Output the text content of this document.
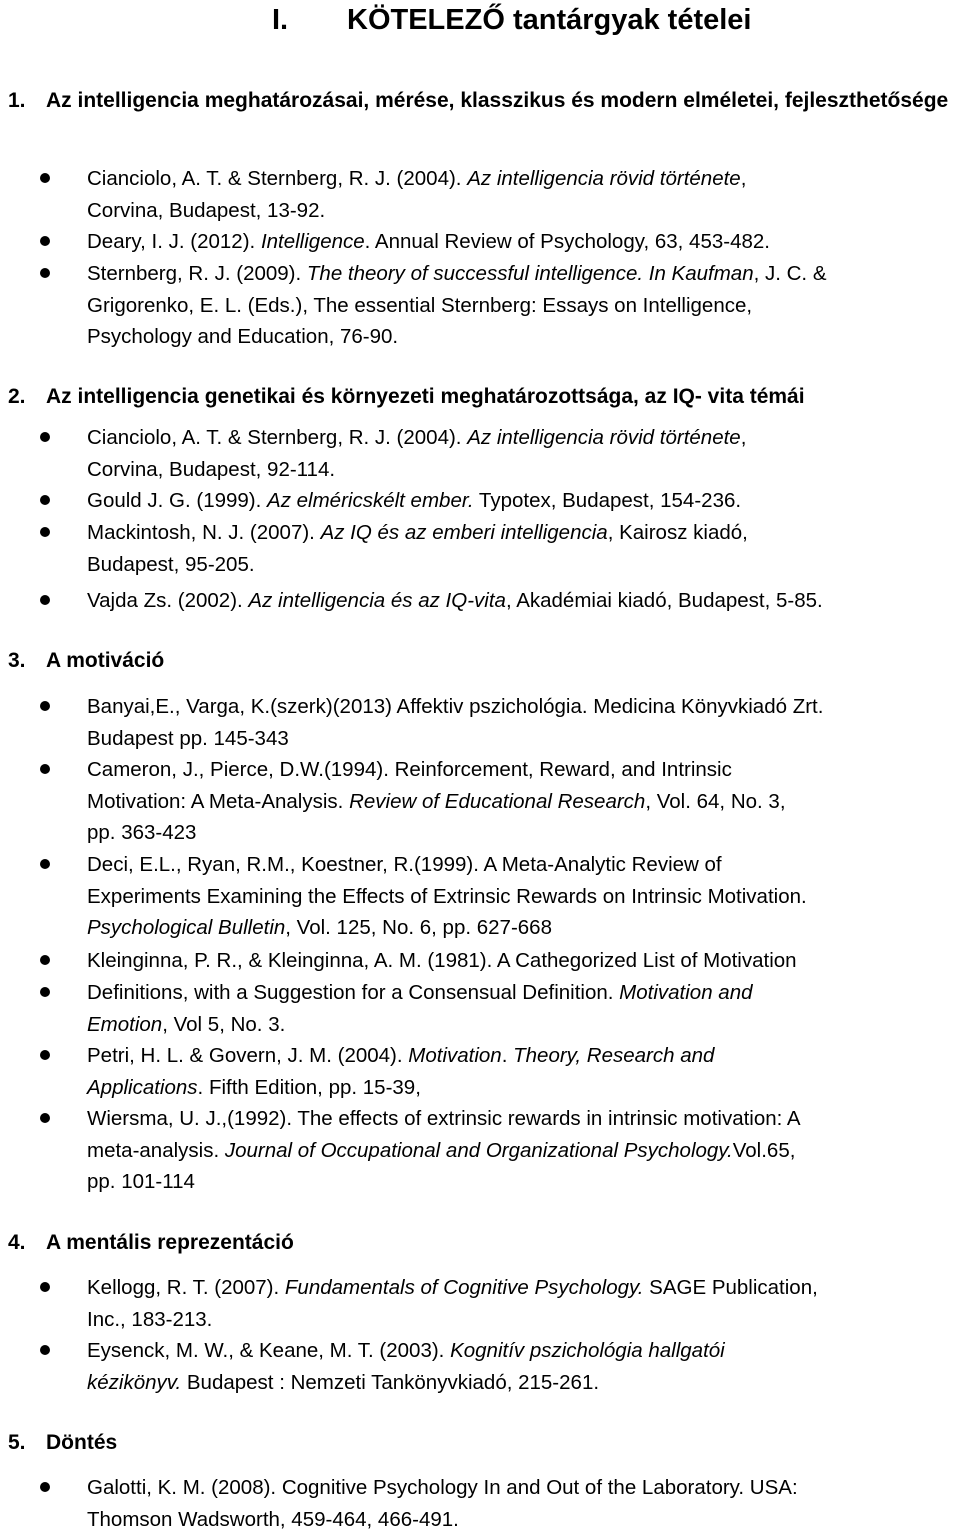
I. KÖTELEZŐ tantárgyak tételei
1. Az intelligencia meghatározásai, mérése, klasszikus és modern elméletei, fejleszthetősége
Cianciolo, A. T. & Sternberg, R. J. (2004). Az intelligencia rövid története,
Corvina, Budapest, 13-92.
Deary, I. J. (2012). Intelligence. Annual Review of Psychology, 63, 453-482.
Sternberg, R. J. (2009). The theory of successful intelligence. In Kaufman, J. C. &
Grigorenko, E. L. (Eds.), The essential Sternberg: Essays on Intelligence,
Psychology and Education, 76-90.
2. Az intelligencia genetikai és környezeti meghatározottsága, az IQ- vita témái
Cianciolo, A. T. & Sternberg, R. J. (2004). Az intelligencia rövid története,
Corvina, Budapest, 92-114.
Gould J. G. (1999). Az elméricskélt ember. Typotex, Budapest, 154-236.
Mackintosh, N. J. (2007). Az IQ és az emberi intelligencia, Kairosz kiadó,
Budapest, 95-205.
Vajda Zs. (2002). Az intelligencia és az IQ-vita, Akadémiai kiadó, Budapest, 5-85.
3. A motiváció
Banyai,E., Varga, K.(szerk)(2013) Affektiv pszichológia. Medicina Könyvkiadó Zrt.
Budapest pp. 145-343
Cameron, J., Pierce, D.W.(1994). Reinforcement, Reward, and Intrinsic
Motivation: A Meta-Analysis. Review of Educational Research, Vol. 64, No. 3,
pp. 363-423
Deci, E.L., Ryan, R.M., Koestner, R.(1999). A Meta-Analytic Review of
Experiments Examining the Effects of Extrinsic Rewards on Intrinsic Motivation.
Psychological Bulletin, Vol. 125, No. 6, pp. 627-668
Kleinginna, P. R., & Kleinginna, A. M. (1981). A Cathegorized List of Motivation
Definitions, with a Suggestion for a Consensual Definition. Motivation and
Emotion, Vol 5, No. 3.
Petri, H. L. & Govern, J. M. (2004). Motivation. Theory, Research and
Applications. Fifth Edition, pp. 15-39,
Wiersma, U. J.,(1992). The effects of extrinsic rewards in intrinsic motivation: A
meta-analysis. Journal of Occupational and Organizational Psychology.Vol.65,
pp. 101-114
4. A mentális reprezentáció
Kellogg, R. T. (2007). Fundamentals of Cognitive Psychology. SAGE Publication,
Inc., 183-213.
Eysenck, M. W., & Keane, M. T. (2003). Kognitív pszichológia hallgatói
kézikönyv. Budapest : Nemzeti Tankönyvkiadó, 215-261.
5. Döntés
Galotti, K. M. (2008). Cognitive Psychology In and Out of the Laboratory. USA:
Thomson Wadsworth, 459-464, 466-491.
